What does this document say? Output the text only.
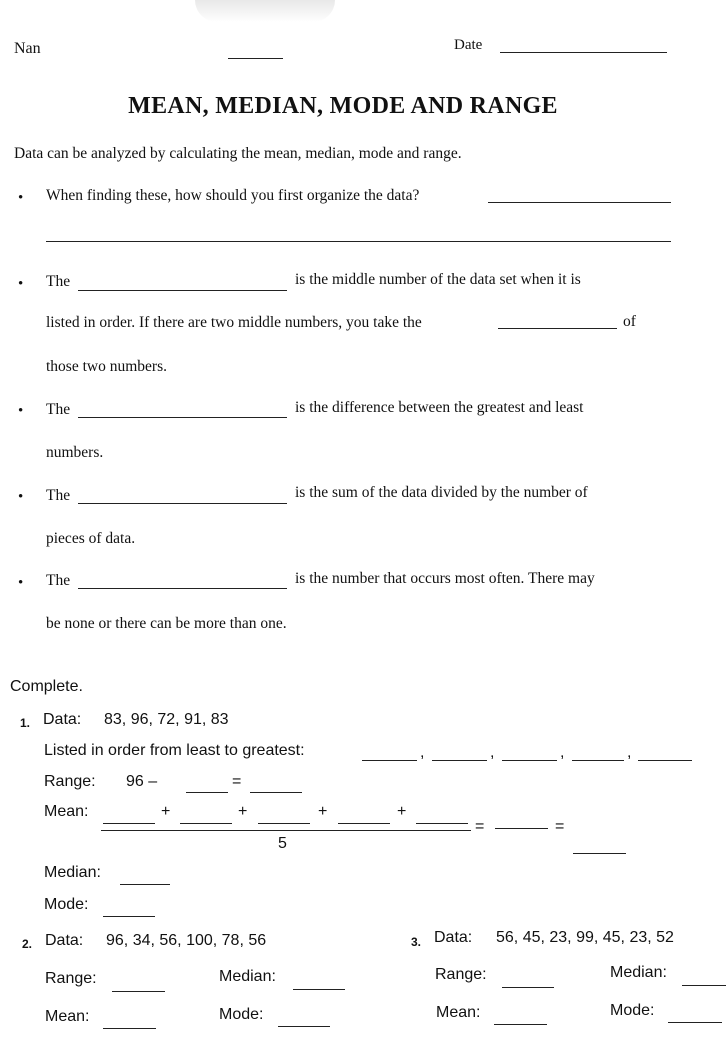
Nan	Date
MEAN, MEDIAN, MODE AND RANGE
Data can be analyzed by calculating the mean, median, mode and range.
• When finding these, how should you first organize the data?
• The	is the middle number of the data set when it is
listed in order. If there are two middle numbers, you take the	of
those two numbers.
• The	is the difference between the greatest and least
numbers.
• The	is the sum of the data divided by the number of
pieces of data.
• The	is the number that occurs most often. There may
be none or there can be more than one.
Complete.
1. Data: 83, 96, 72, 91, 83
Listed in order from least to greatest:	,	,	,	,
Range: 96 –	=
Mean:	+	+	+	+
=	=
5
Median:
Mode:
2. Data: 96, 34, 56, 100, 78, 56
Range:	Median:
Mean:	Mode:
3. Data: 56, 45, 23, 99, 45, 23, 52
Range:	Median:
Mean:	Mode:
